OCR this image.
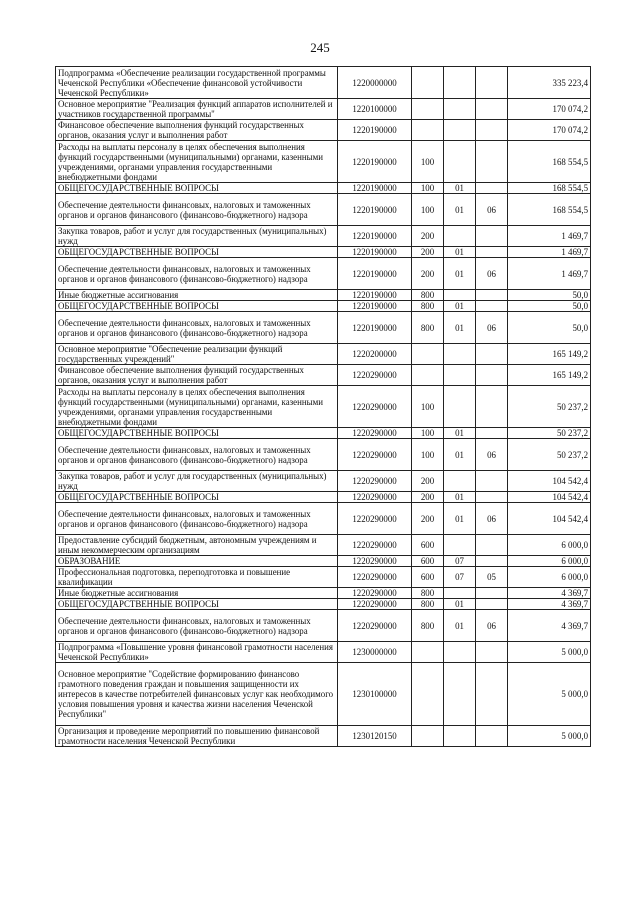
245
Подпрограмма «Обеспечение реализации государственной программы Чеченской Республики «Обеспечение финансовой устойчивости Чеченской Республики»	1220000000				335 223,4
Основное мероприятие "Реализация функций аппаратов исполнителей и участников государственной программы"	1220100000				170 074,2
Финансовое обеспечение выполнения функций государственных органов, оказания услуг и выполнения работ	1220190000				170 074,2
Расходы на выплаты персоналу в целях обеспечения выполнения функций государственными (муниципальными) органами, казенными учреждениями, органами управления государственными внебюджетными фондами	1220190000	100			168 554,5
ОБЩЕГОСУДАРСТВЕННЫЕ ВОПРОСЫ	1220190000	100	01		168 554,5
Обеспечение деятельности финансовых, налоговых и таможенных органов и органов финансового (финансово-бюджетного) надзора	1220190000	100	01	06	168 554,5
Закупка товаров, работ и услуг для государственных (муниципальных) нужд	1220190000	200			1 469,7
ОБЩЕГОСУДАРСТВЕННЫЕ ВОПРОСЫ	1220190000	200	01		1 469,7
Обеспечение деятельности финансовых, налоговых и таможенных органов и органов финансового (финансово-бюджетного) надзора	1220190000	200	01	06	1 469,7
Иные бюджетные ассигнования	1220190000	800			50,0
ОБЩЕГОСУДАРСТВЕННЫЕ ВОПРОСЫ	1220190000	800	01		50,0
Обеспечение деятельности финансовых, налоговых и таможенных органов и органов финансового (финансово-бюджетного) надзора	1220190000	800	01	06	50,0
Основное мероприятие "Обеспечение реализации функций государственных учреждений"	1220200000				165 149,2
Финансовое обеспечение выполнения функций государственных органов, оказания услуг и выполнения работ	1220290000				165 149,2
Расходы на выплаты персоналу в целях обеспечения выполнения функций государственными (муниципальными) органами, казенными учреждениями, органами управления государственными внебюджетными фондами	1220290000	100			50 237,2
ОБЩЕГОСУДАРСТВЕННЫЕ ВОПРОСЫ	1220290000	100	01		50 237,2
Обеспечение деятельности финансовых, налоговых и таможенных органов и органов финансового (финансово-бюджетного) надзора	1220290000	100	01	06	50 237,2
Закупка товаров, работ и услуг для государственных (муниципальных) нужд	1220290000	200			104 542,4
ОБЩЕГОСУДАРСТВЕННЫЕ ВОПРОСЫ	1220290000	200	01		104 542,4
Обеспечение деятельности финансовых, налоговых и таможенных органов и органов финансового (финансово-бюджетного) надзора	1220290000	200	01	06	104 542,4
Предоставление субсидий бюджетным, автономным учреждениям и иным некоммерческим организациям	1220290000	600			6 000,0
ОБРАЗОВАНИЕ	1220290000	600	07		6 000,0
Профессиональная подготовка, переподготовка и повышение квалификации	1220290000	600	07	05	6 000,0
Иные бюджетные ассигнования	1220290000	800			4 369,7
ОБЩЕГОСУДАРСТВЕННЫЕ ВОПРОСЫ	1220290000	800	01		4 369,7
Обеспечение деятельности финансовых, налоговых и таможенных органов и органов финансового (финансово-бюджетного) надзора	1220290000	800	01	06	4 369,7
Подпрограмма «Повышение уровня финансовой грамотности населения Чеченской Республики»	1230000000				5 000,0
Основное мероприятие "Содействие формированию финансово грамотного поведения граждан и повышения защищенности их интересов в качестве потребителей финансовых услуг как необходимого условия повышения уровня и качества жизни населения Чеченской Республики"	1230100000				5 000,0
Организация и проведение мероприятий по повышению финансовой грамотности населения Чеченской Республики	1230120150				5 000,0
